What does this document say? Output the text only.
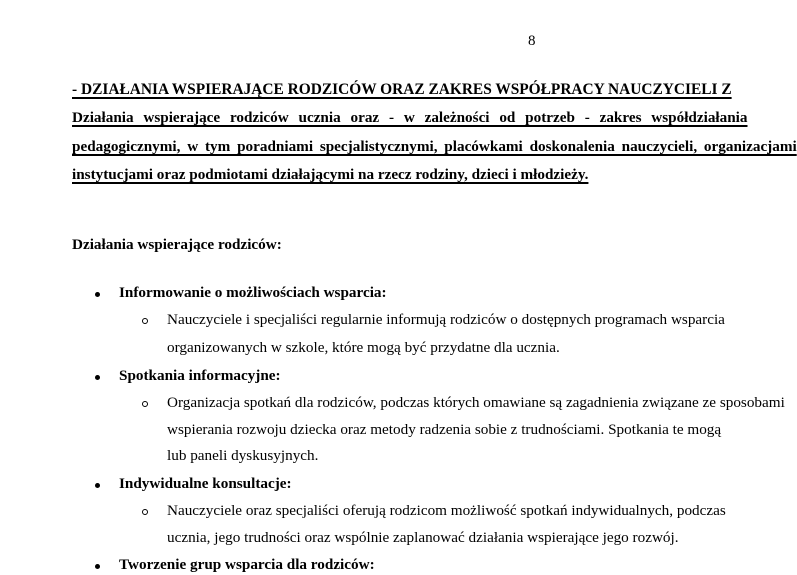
8
- DZIAŁANIA WSPIERAJĄCE RODZICÓW ORAZ ZAKRES WSPÓŁPRACY NAUCZYCIELI Z
Działania wspierające rodziców ucznia oraz - w zależności od potrzeb - zakres współdziałania
pedagogicznymi, w tym poradniami specjalistycznymi, placówkami doskonalenia nauczycieli, organizacjami
instytucjami oraz podmiotami działającymi na rzecz rodziny, dzieci i młodzieży.
Działania wspierające rodziców:
Informowanie o możliwościach wsparcia:
Nauczyciele i specjaliści regularnie informują rodziców o dostępnych programach wsparcia
organizowanych w szkole, które mogą być przydatne dla ucznia.
Spotkania informacyjne:
Organizacja spotkań dla rodziców, podczas których omawiane są zagadnienia związane ze sposobami
wspierania rozwoju dziecka oraz metody radzenia sobie z trudnościami. Spotkania te mogą
lub paneli dyskusyjnych.
Indywidualne konsultacje:
Nauczyciele oraz specjaliści oferują rodzicom możliwość spotkań indywidualnych, podczas
ucznia, jego trudności oraz wspólnie zaplanować działania wspierające jego rozwój.
Tworzenie grup wsparcia dla rodziców:
